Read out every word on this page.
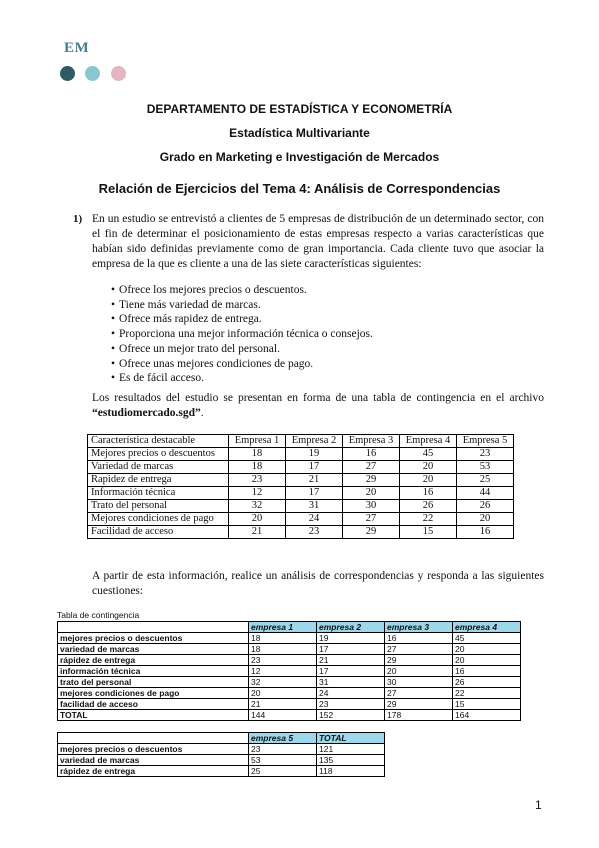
EM
DEPARTAMENTO DE ESTADÍSTICA Y ECONOMETRÍA
Estadística Multivariante
Grado en Marketing e Investigación de Mercados
Relación de Ejercicios del Tema 4: Análisis de Correspondencias
1) En un estudio se entrevistó a clientes de 5 empresas de distribución de un determinado sector, con el fin de determinar el posicionamiento de estas empresas respecto a varias características que habían sido definidas previamente como de gran importancia. Cada cliente tuvo que asociar la empresa de la que es cliente a una de las siete características siguientes:
• Ofrece los mejores precios o descuentos.
• Tiene más variedad de marcas.
• Ofrece más rapidez de entrega.
• Proporciona una mejor información técnica o consejos.
• Ofrece un mejor trato del personal.
• Ofrece unas mejores condiciones de pago.
• Es de fácil acceso.
Los resultados del estudio se presentan en forma de una tabla de contingencia en el archivo “estudiomercado.sgd”.
Característica destacable	Empresa 1	Empresa 2	Empresa 3	Empresa 4	Empresa 5
Mejores precios o descuentos	18	19	16	45	23
Variedad de marcas	18	17	27	20	53
Rapidez de entrega	23	21	29	20	25
Información técnica	12	17	20	16	44
Trato del personal	32	31	30	26	26
Mejores condiciones de pago	20	24	27	22	20
Facilidad de acceso	21	23	29	15	16
A partir de esta información, realice un análisis de correspondencias y responda a las siguientes cuestiones:
Tabla de contingencia
	empresa 1	empresa 2	empresa 3	empresa 4
mejores precios o descuentos	18	19	16	45
variedad de marcas	18	17	27	20
rápidez de entrega	23	21	29	20
información técnica	12	17	20	16
trato del personal	32	31	30	26
mejores condiciones de pago	20	24	27	22
facilidad de acceso	21	23	29	15
TOTAL	144	152	178	164
	empresa 5	TOTAL
mejores precios o descuentos	23	121
variedad de marcas	53	135
rápidez de entrega	25	118
1
